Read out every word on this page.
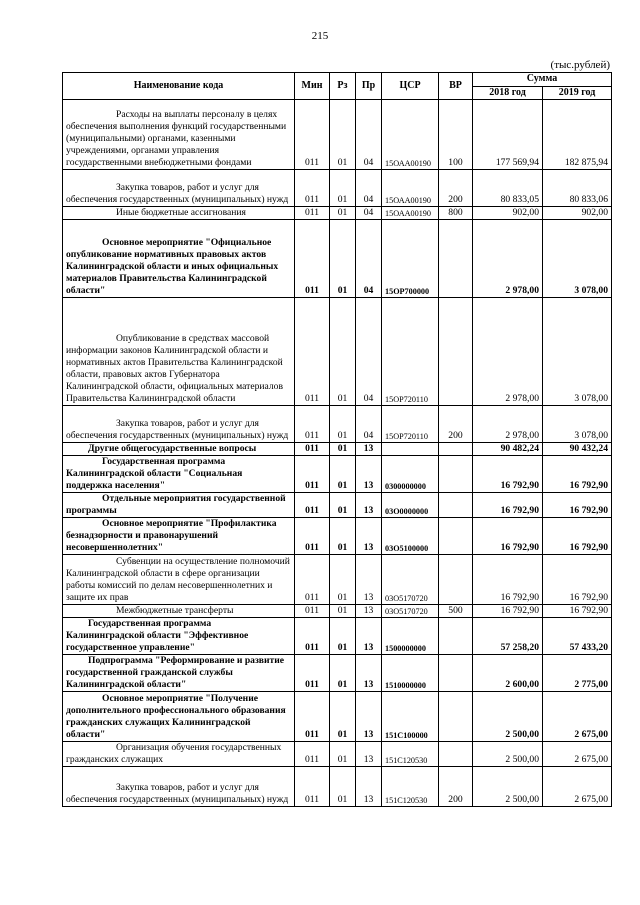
215
(тыс.рублей)
Наименование кода	Мин	Рз	Пр	ЦСР	ВР	Сумма	
						2018 год	2019 год
Расходы на выплаты персоналу в целях обеспечения выполнения функций государственными (муниципальными) органами, казенными учреждениями, органами управления государственными внебюджетными фондами	011	01	04	15ОАА00190	100	177 569,94	182 875,94
Закупка товаров, работ и услуг для обеспечения государственных (муниципальных) нужд	011	01	04	15ОАА00190	200	80 833,05	80 833,06
Иные бюджетные ассигнования	011	01	04	15ОАА00190	800	902,00	902,00
Основное мероприятие "Официальное опубликование нормативных правовых актов Калининградской области и иных официальных материалов Правительства Калининградской области"	011	01	04	15ОР700000		2 978,00	3 078,00
Опубликование в средствах массовой информации законов Калининградской области и нормативных актов Правительства Калининградской области, правовых актов Губернатора Калининградской области, официальных материалов Правительства Калининградской области	011	01	04	15ОР720110		2 978,00	3 078,00
Закупка товаров, работ и услуг для обеспечения государственных (муниципальных) нужд	011	01	04	15ОР720110	200	2 978,00	3 078,00
Другие общегосударственные вопросы	011	01	13			90 482,24	90 432,24
Государственная программа Калининградской области "Социальная поддержка населения"	011	01	13	0300000000		16 792,90	16 792,90
Отдельные мероприятия государственной программы	011	01	13	03О0000000		16 792,90	16 792,90
Основное мероприятие "Профилактика безнадзорности и правонарушений несовершеннолетних"	011	01	13	03О5100000		16 792,90	16 792,90
Субвенции на осуществление полномочий Калининградской области в сфере организации работы комиссий по делам несовершеннолетних и защите их прав	011	01	13	03О5170720		16 792,90	16 792,90
Межбюджетные трансферты	011	01	13	03О5170720	500	16 792,90	16 792,90
Государственная программа Калининградской области "Эффективное государственное управление"	011	01	13	1500000000		57 258,20	57 433,20
Подпрограмма "Реформирование и развитие государственной гражданской службы Калининградской области"	011	01	13	1510000000		2 600,00	2 775,00
Основное мероприятие "Получение дополнительного профессионального образования гражданских служащих Калининградской области"	011	01	13	151С100000		2 500,00	2 675,00
Организация обучения государственных гражданских служащих	011	01	13	151С120530		2 500,00	2 675,00
Закупка товаров, работ и услуг для обеспечения государственных (муниципальных) нужд	011	01	13	151С120530	200	2 500,00	2 675,00
